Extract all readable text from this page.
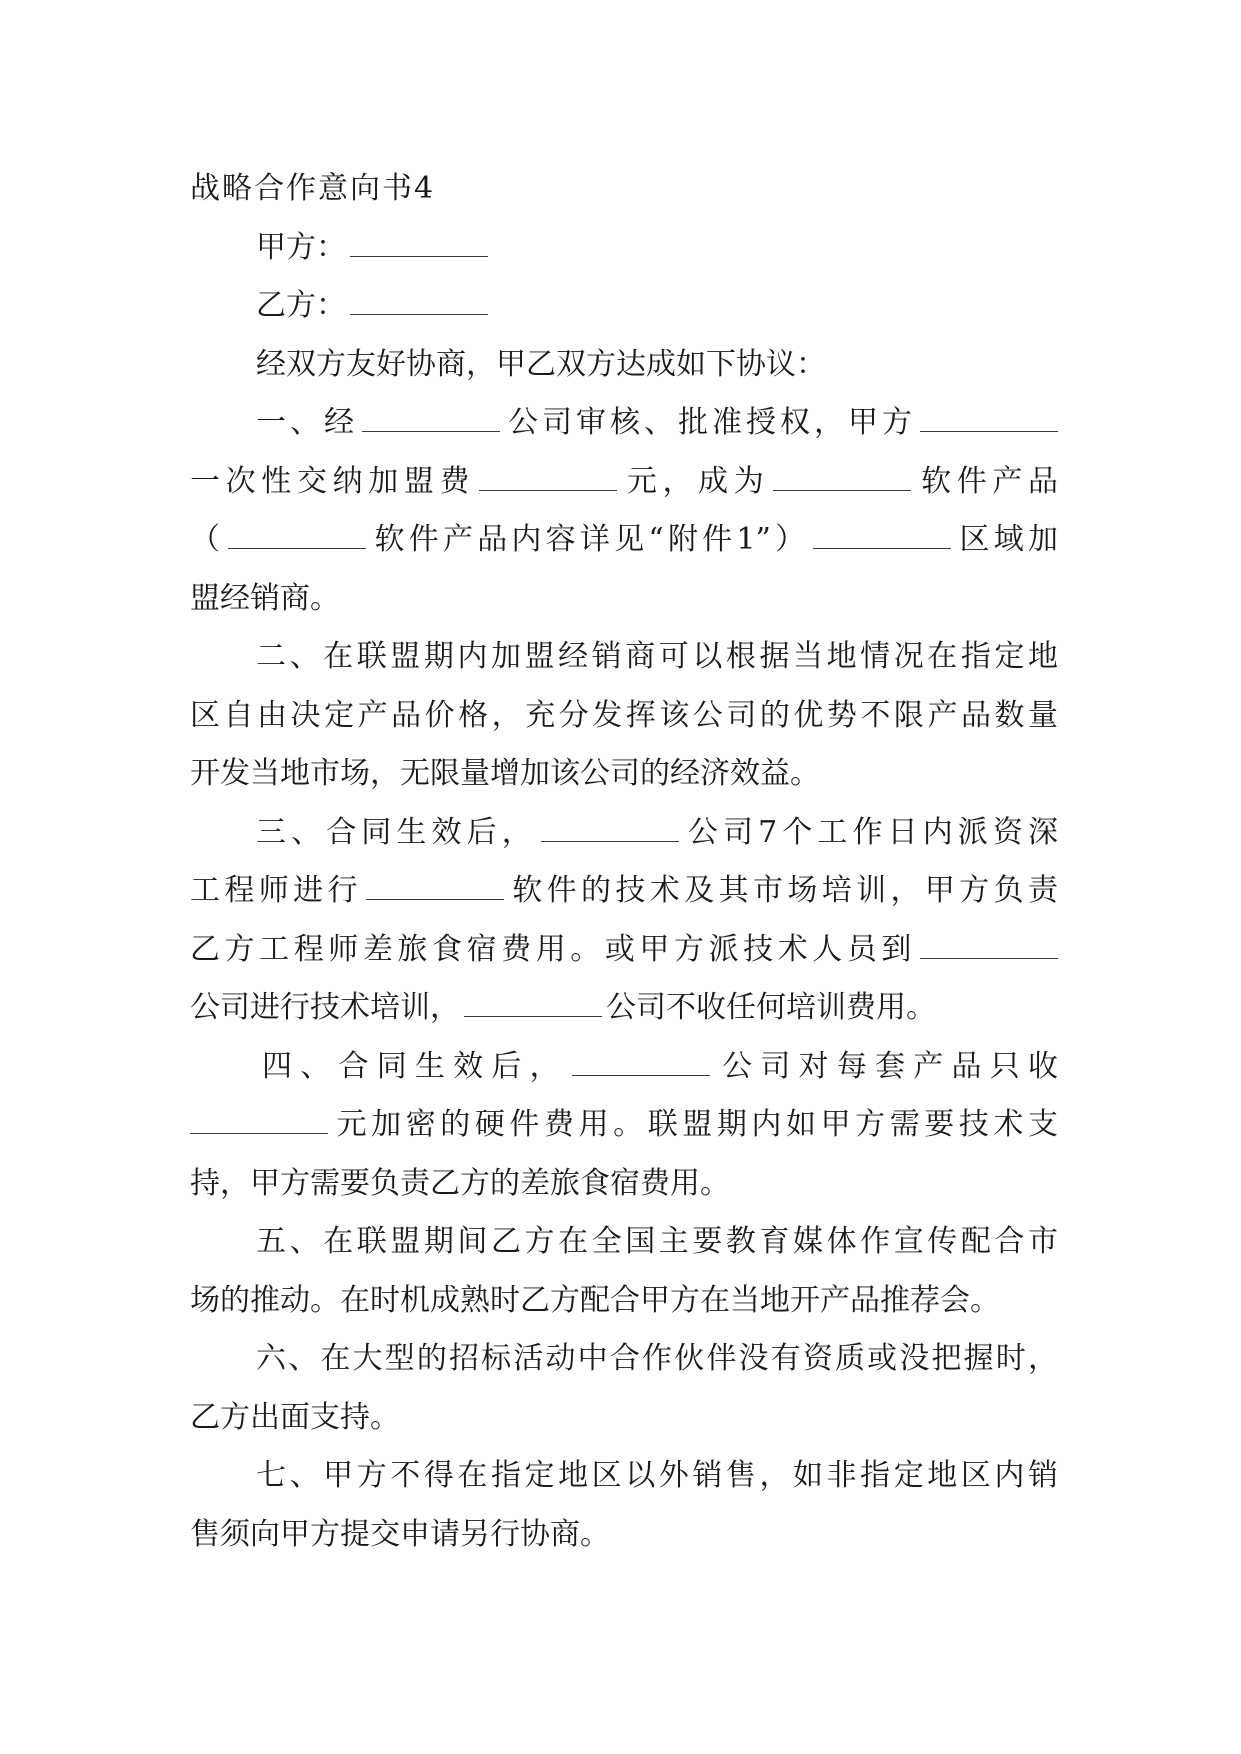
战略合作意向书4
甲方：
乙方：
经双方友好协商，甲乙双方达成如下协议：
一、经	公司审核、批准授权，甲方
一次性交纳加盟费	元，成为	软件产品
（	软件产品内容详见“附件1”）	区域加
盟经销商。
二、在联盟期内加盟经销商可以根据当地情况在指定地
区自由决定产品价格，充分发挥该公司的优势不限产品数量
开发当地市场，无限量增加该公司的经济效益。
三、合同生效后，	公司7个工作日内派资深
工程师进行	软件的技术及其市场培训，甲方负责
乙方工程师差旅食宿费用。或甲方派技术人员到
公司进行技术培训，	公司不收任何培训费用。
四、合同生效后，	公司对每套产品只收
元加密的硬件费用。联盟期内如甲方需要技术支
持，甲方需要负责乙方的差旅食宿费用。
五、在联盟期间乙方在全国主要教育媒体作宣传配合市
场的推动。在时机成熟时乙方配合甲方在当地开产品推荐会。
六、在大型的招标活动中合作伙伴没有资质或没把握时，
乙方出面支持。
七、甲方不得在指定地区以外销售，如非指定地区内销
售须向甲方提交申请另行协商。
